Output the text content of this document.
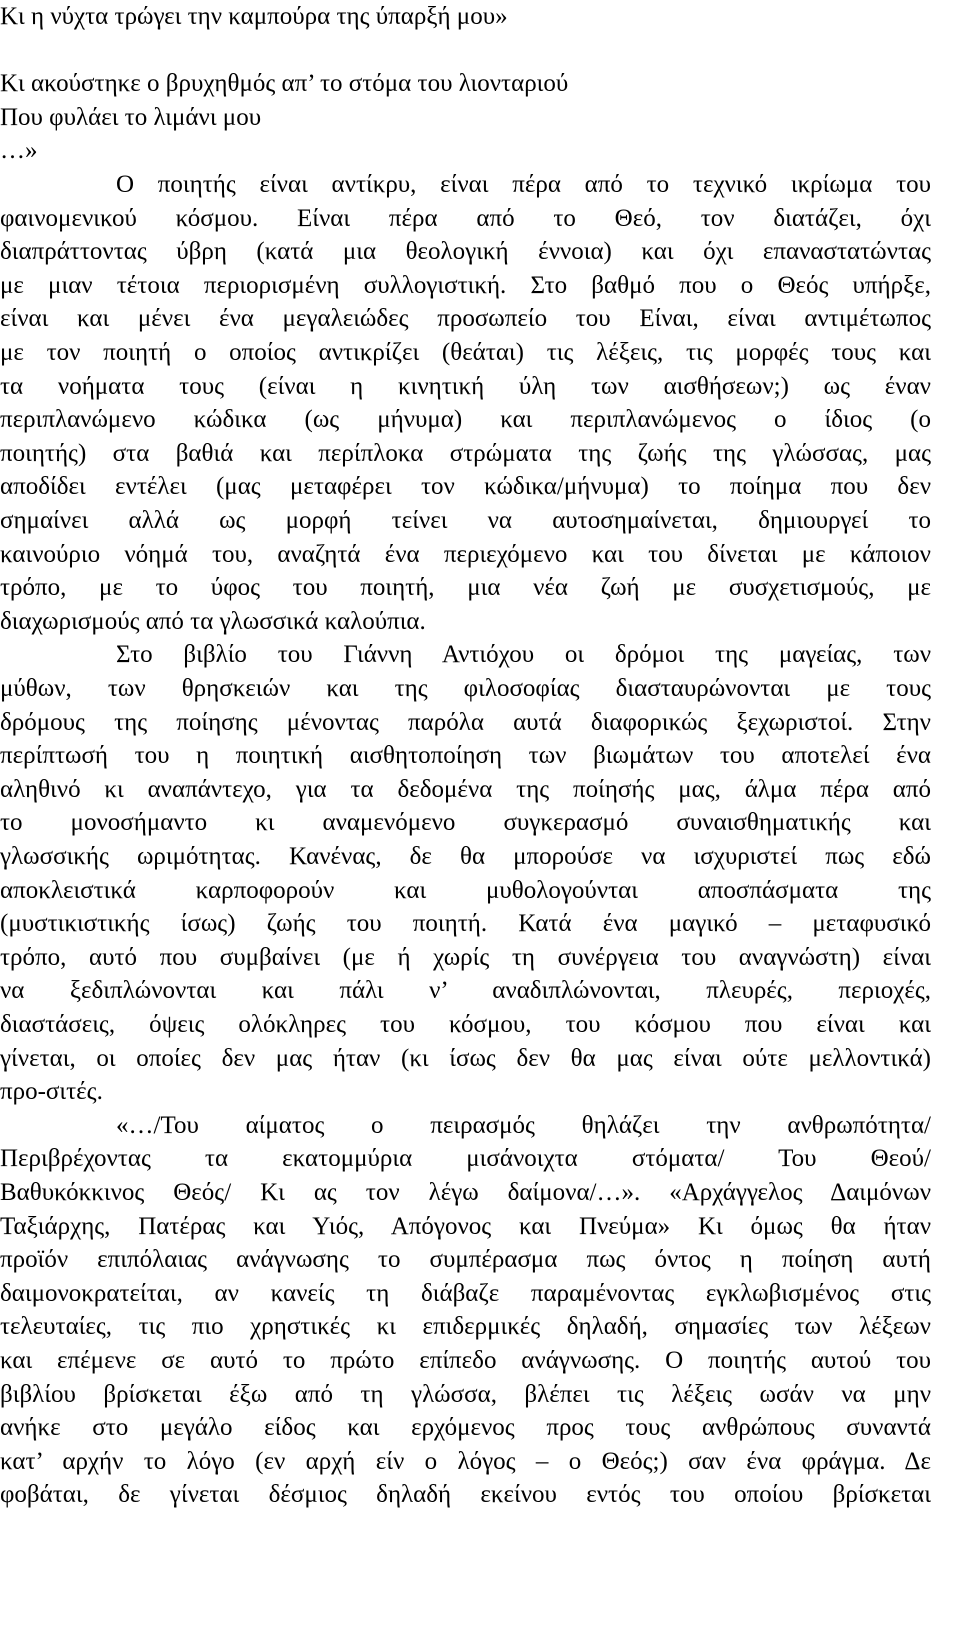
Κι η νύχτα τρώγει την καμπούρα της ύπαρξή μου»
Κι ακούστηκε ο βρυχηθμός απ’ το στόμα του λιονταριού
Που φυλάει το λιμάνι μου
…»
Ο ποιητής είναι αντίκρυ, είναι πέρα από το τεχνικό ικρίωμα του
φαινομενικού κόσμου. Είναι πέρα από το Θεό, τον διατάζει, όχι
διαπράττοντας ύβρη (κατά μια θεολογική έννοια) και όχι επαναστατώντας
με μιαν τέτοια περιορισμένη συλλογιστική. Στο βαθμό που ο Θεός υπήρξε,
είναι και μένει ένα μεγαλειώδες προσωπείο του Είναι, είναι αντιμέτωπος
με τον ποιητή ο οποίος αντικρίζει (θεάται) τις λέξεις, τις μορφές τους και
τα νοήματα τους (είναι η κινητική ύλη των αισθήσεων;) ως έναν
περιπλανώμενο κώδικα (ως μήνυμα) και περιπλανώμενος ο ίδιος (ο
ποιητής) στα βαθιά και περίπλοκα στρώματα της ζωής της γλώσσας, μας
αποδίδει εντέλει (μας μεταφέρει τον κώδικα/μήνυμα) το ποίημα που δεν
σημαίνει αλλά ως μορφή τείνει να αυτοσημαίνεται, δημιουργεί το
καινούριο νόημά του, αναζητά ένα περιεχόμενο και του δίνεται με κάποιον
τρόπο, με το ύφος του ποιητή, μια νέα ζωή με συσχετισμούς, με
διαχωρισμούς από τα γλωσσικά καλούπια.
Στο βιβλίο του Γιάννη Αντιόχου οι δρόμοι της μαγείας, των
μύθων, των θρησκειών και της φιλοσοφίας διασταυρώνονται με τους
δρόμους της ποίησης μένοντας παρόλα αυτά διαφορικώς ξεχωριστοί. Στην
περίπτωσή του η ποιητική αισθητοποίηση των βιωμάτων του αποτελεί ένα
αληθινό κι αναπάντεχο, για τα δεδομένα της ποίησής μας, άλμα πέρα από
το μονοσήμαντο κι αναμενόμενο συγκερασμό συναισθηματικής και
γλωσσικής ωριμότητας. Κανένας, δε θα μπορούσε να ισχυριστεί πως εδώ
αποκλειστικά καρποφορούν και μυθολογούνται αποσπάσματα της
(μυστικιστικής ίσως) ζωής του ποιητή. Κατά ένα μαγικό – μεταφυσικό
τρόπο, αυτό που συμβαίνει (με ή χωρίς τη συνέργεια του αναγνώστη) είναι
να ξεδιπλώνονται και πάλι ν’ αναδιπλώνονται, πλευρές, περιοχές,
διαστάσεις, όψεις ολόκληρες του κόσμου, του κόσμου που είναι και
γίνεται, οι οποίες δεν μας ήταν (κι ίσως δεν θα μας είναι ούτε μελλοντικά)
προ-σιτές.
«…/Του αίματος ο πειρασμός θηλάζει την ανθρωπότητα/
Περιβρέχοντας τα εκατομμύρια μισάνοιχτα στόματα/ Του Θεού/
Βαθυκόκκινος Θεός/ Κι ας τον λέγω δαίμονα/…». «Αρχάγγελος Δαιμόνων
Ταξιάρχης, Πατέρας και Υιός, Απόγονος και Πνεύμα» Κι όμως θα ήταν
προϊόν επιπόλαιας ανάγνωσης το συμπέρασμα πως όντος η ποίηση αυτή
δαιμονοκρατείται, αν κανείς τη διάβαζε παραμένοντας εγκλωβισμένος στις
τελευταίες, τις πιο χρηστικές κι επιδερμικές δηλαδή, σημασίες των λέξεων
και επέμενε σε αυτό το πρώτο επίπεδο ανάγνωσης. Ο ποιητής αυτού του
βιβλίου βρίσκεται έξω από τη γλώσσα, βλέπει τις λέξεις ωσάν να μην
ανήκε στο μεγάλο είδος και ερχόμενος προς τους ανθρώπους συναντά
κατ’ αρχήν το λόγο (εν αρχή είν ο λόγος – ο Θεός;) σαν ένα φράγμα. Δε
φοβάται, δε γίνεται δέσμιος δηλαδή εκείνου εντός του οποίου βρίσκεται
